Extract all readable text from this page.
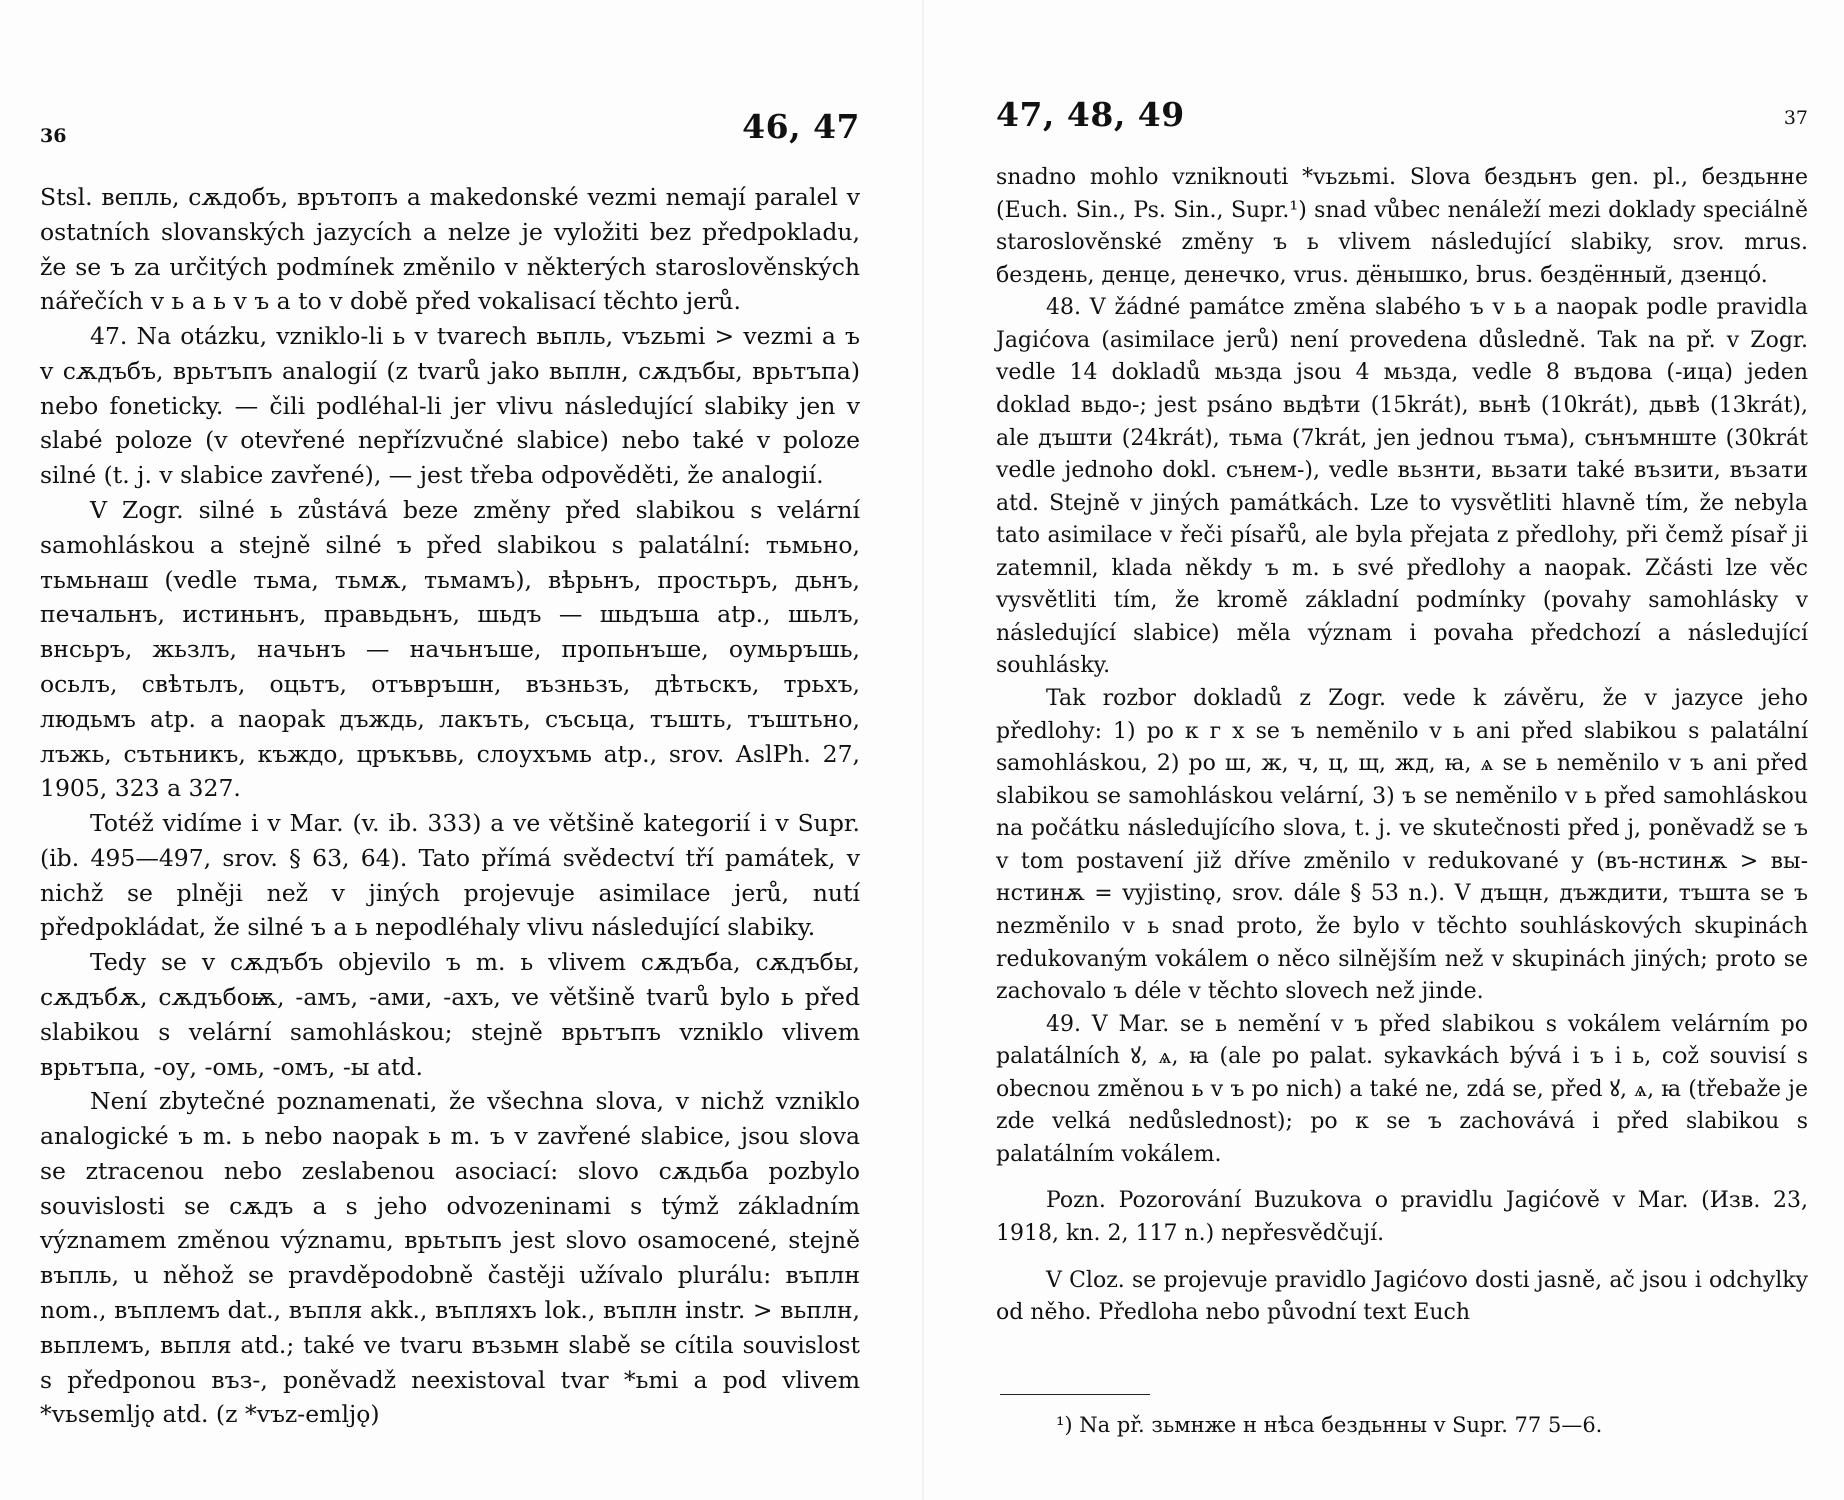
36	46, 47

Stsl. вепль, сѫдобъ, врътопъ a makedonské vezmi nemají paralel v ostatních slovanských jazycích a nelze je vyložiti bez předpokladu, že se ъ za určitých podmínek změnilo v některých staroslověnských nářečích v ь a ь v ъ a to v době před vokalisací těchto jerů.

47. Na otázku, vzniklo-li ь v tvarech вьпль, vъzьmi > vezmi a ъ v сѫдъбъ, врьтъпъ analogií (z tvarů jako вьплн, сѫдъбы, врьтъпа) nebo foneticky. — čili podléhal-li jer vlivu následující slabiky jen v slabé poloze (v otevřené nepřízvučné slabice) nebo také v poloze silné (t. j. v slabice zavřené), — jest třeba odpověděti, že analogií.

V Zogr. silné ь zůstává beze změny před slabikou s velární samohláskou a stejně silné ъ před slabikou s palatální: тьмьно, тьмьнаш (vedle тьма, тьмѫ, тьмамъ), вѣрьнъ, простьръ, дьнъ, печальнъ, истиньнъ, правьдьнъ, шьдъ — шьдъша atp., шьлъ, внсьръ, жьзлъ, начьнъ — начьнъше, пропьнъше, оумьръшь, осьлъ, свѣтьлъ, оцьтъ, отъвръшн, възньзъ, дѣтьскъ, трьхъ, людьмъ atp. a naopak дъждь, лакъть, съсьца, тъшть, тъштьно, лъжь, сътьникъ, къждо, цръкъвь, слоухъмь atp., srov. AslPh. 27, 1905, 323 a 327.

Totéž vidíme i v Mar. (v. ib. 333) a ve většině kategorií i v Supr. (ib. 495—497, srov. § 63, 64). Tato přímá svědectví tří památek, v nichž se plněji než v jiných projevuje asimilace jerů, nutí předpokládat, že silné ъ a ь nepodléhaly vlivu následující slabiky.

Tedy se v сѫдъбъ objevilo ъ m. ь vlivem сѫдъба, сѫдъбы, сѫдъбѫ, сѫдъбоѭ, -амъ, -ами, -ахъ, ve většině tvarů bylo ь před slabikou s velární samohláskou; stejně врьтъпъ vzniklo vlivem врьтъпа, -оу, -омь, -омъ, -ы atd.

Není zbytečné poznamenati, že všechna slova, v nichž vzniklo analogické ъ m. ь nebo naopak ь m. ъ v zavřené slabice, jsou slova se ztracenou nebo zeslabenou asociací: slovo сѫдьба pozbylo souvislosti se сѫдъ a s jeho odvozeninami s týmž základním významem změnou významu, врьтьпъ jest slovo osamocené, stejně въпль, u něhož se pravděpodobně častěji užívalo plurálu: въплн nom., въплемъ dat., въпля akk., въпляхъ lok., въплн instr. > вьплн, вьплемъ, вьпля atd.; také ve tvaru възьмн slabě se cítila souvislost s předponou въз-, poněvadž neexistoval tvar *ьmi a pod vlivem *vьsemljǫ atd. (z *vъz-emljǫ)

47, 48, 49	37

snadno mohlo vzniknouti *vьzьmi. Slova бездьнъ gen. pl., бездьнне (Euch. Sin., Ps. Sin., Supr.¹) snad vůbec nenáleží mezi doklady speciálně staroslověnské změny ъ ь vlivem následující slabiky, srov. mrus. бездень, денце, денечко, vrus. дёнышко, brus. бездённый, дзенцó.

48. V žádné památce změna slabého ъ v ь a naopak podle pravidla Jagićova (asimilace jerů) není provedena důsledně. Tak na př. v Zogr. vedle 14 dokladů мьзда jsou 4 мьзда, vedle 8 въдова (-ица) jeden doklad вьдо-; jest psáno вьдѣти (15krát), вьнѣ (10krát), дьвѣ (13krát), ale дъшти (24krát), тьма (7krát, jen jednou тъма), сънъмнште (30krát vedle jednoho dokl. сънем-), vedle вьзнти, вьзати také възити, възати atd. Stejně v jiných památkách. Lze to vysvětliti hlavně tím, že nebyla tato asimilace v řeči písařů, ale byla přejata z předlohy, při čemž písař ji zatemnil, klada někdy ъ m. ь své předlohy a naopak. Zčásti lze věc vysvětliti tím, že kromě základní podmínky (povahy samohlásky v následující slabice) měla význam i povaha předchozí a následující souhlásky.

Tak rozbor dokladů z Zogr. vede k závěru, že v jazyce jeho předlohy: 1) po к г х se ъ neměnilo v ь ani před slabikou s palatální samohláskou, 2) po ш, ж, ч, ц, щ, жд, ꙗ, ѧ se ь neměnilo v ъ ani před slabikou se samohláskou velární, 3) ъ se neměnilo v ь před samohláskou na počátku následujícího slova, t. j. ve skutečnosti před j, poněvadž se ъ v tom postavení již dříve změnilo v redukované y (въ-нстинѫ > вы-нстинѫ = vyjistinǫ, srov. dále § 53 n.). V дъщн, дъждити, тъшта se ъ nezměnilo v ь snad proto, že bylo v těchto souhláskových skupinách redukovaným vokálem o něco silnějším než v skupinách jiných; proto se zachovalo ъ déle v těchto slovech než jinde.

49. V Mar. se ь nemění v ъ před slabikou s vokálem velárním po palatálních ꙋ, ѧ, ꙗ (ale po palat. sykavkách bývá i ъ i ь, což souvisí s obecnou změnou ь v ъ po nich) a také ne, zdá se, před ꙋ, ѧ, ꙗ (třebaže je zde velká nedůslednost); po к se ъ zachovává i před slabikou s palatálním vokálem.

Pozn. Pozorování Buzukova o pravidlu Jagićově v Mar. (Изв. 23, 1918, kn. 2, 117 n.) nepřesvědčují.

V Cloz. se projevuje pravidlo Jagićovo dosti jasně, ač jsou i odchylky od něho. Předloha nebo původní text Euch

¹) Na př. зьмнже н нѣса бездьнны v Supr. 77 5—6.
